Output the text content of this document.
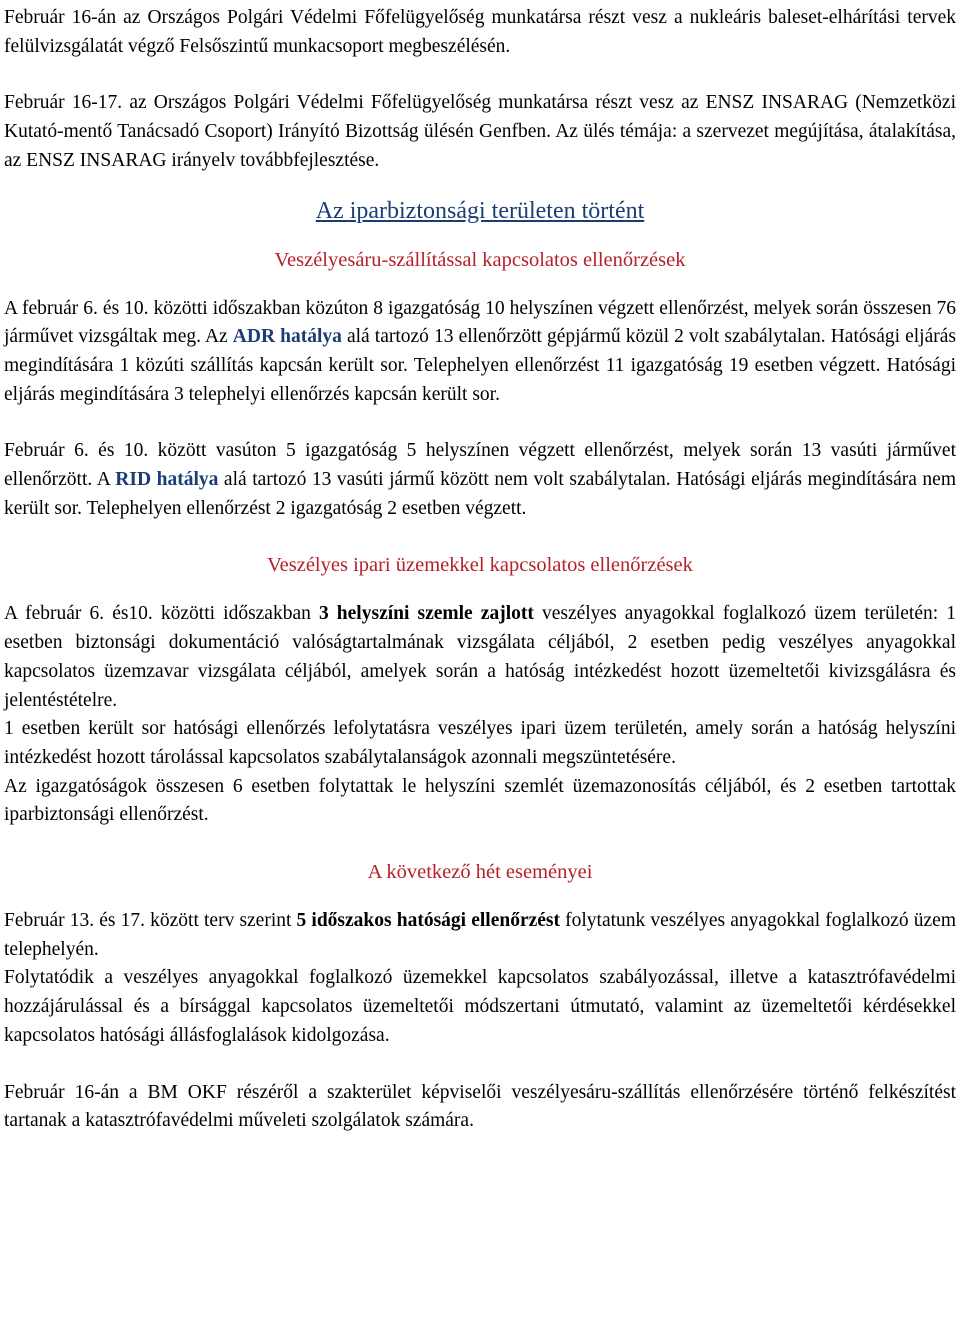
Február 16-án az Országos Polgári Védelmi Főfelügyelőség munkatársa részt vesz a nukleáris baleset-elhárítási tervek felülvizsgálatát végző Felsőszintű munkacsoport megbeszélésén.

Február 16-17. az Országos Polgári Védelmi Főfelügyelőség munkatársa részt vesz az ENSZ INSARAG (Nemzetközi Kutató-mentő Tanácsadó Csoport) Irányító Bizottság ülésén Genfben. Az ülés témája: a szervezet megújítása, átalakítása, az ENSZ INSARAG irányelv továbbfejlesztése.

Az iparbiztonsági területen történt
Veszélyesáru-szállítással kapcsolatos ellenőrzések

A február 6. és 10. közötti időszakban közúton 8 igazgatóság 10 helyszínen végzett ellenőrzést, melyek során összesen 76 járművet vizsgáltak meg. Az ADR hatálya alá tartozó 13 ellenőrzött gépjármű közül 2 volt szabálytalan. Hatósági eljárás megindítására 1 közúti szállítás kapcsán került sor. Telephelyen ellenőrzést 11 igazgatóság 19 esetben végzett. Hatósági eljárás megindítására 3 telephelyi ellenőrzés kapcsán került sor.

Február 6. és 10. között vasúton 5 igazgatóság 5 helyszínen végzett ellenőrzést, melyek során 13 vasúti járművet ellenőrzött. A RID hatálya alá tartozó 13 vasúti jármű között nem volt szabálytalan. Hatósági eljárás megindítására nem került sor. Telephelyen ellenőrzést 2 igazgatóság 2 esetben végzett.

Veszélyes ipari üzemekkel kapcsolatos ellenőrzések

A február 6. és10. közötti időszakban 3 helyszíni szemle zajlott veszélyes anyagokkal foglalkozó üzem területén: 1 esetben biztonsági dokumentáció valóságtartalmának vizsgálata céljából, 2 esetben pedig veszélyes anyagokkal kapcsolatos üzemzavar vizsgálata céljából, amelyek során a hatóság intézkedést hozott üzemeltetői kivizsgálásra és jelentéstételre.

1 esetben került sor hatósági ellenőrzés lefolytatásra veszélyes ipari üzem területén, amely során a hatóság helyszíni intézkedést hozott tárolással kapcsolatos szabálytalanságok azonnali megszüntetésére.

Az igazgatóságok összesen 6 esetben folytattak le helyszíni szemlét üzemazonosítás céljából, és 2 esetben tartottak iparbiztonsági ellenőrzést.

A következő hét eseményei

Február 13. és 17. között terv szerint 5 időszakos hatósági ellenőrzést folytatunk veszélyes anyagokkal foglalkozó üzem telephelyén.

Folytatódik a veszélyes anyagokkal foglalkozó üzemekkel kapcsolatos szabályozással, illetve a katasztrófavédelmi hozzájárulással és a bírsággal kapcsolatos üzemeltetői módszertani útmutató, valamint az üzemeltetői kérdésekkel kapcsolatos hatósági állásfoglalások kidolgozása.

Február 16-án a BM OKF részéről a szakterület képviselői veszélyesáru-szállítás ellenőrzésére történő felkészítést tartanak a katasztrófavédelmi műveleti szolgálatok számára.
